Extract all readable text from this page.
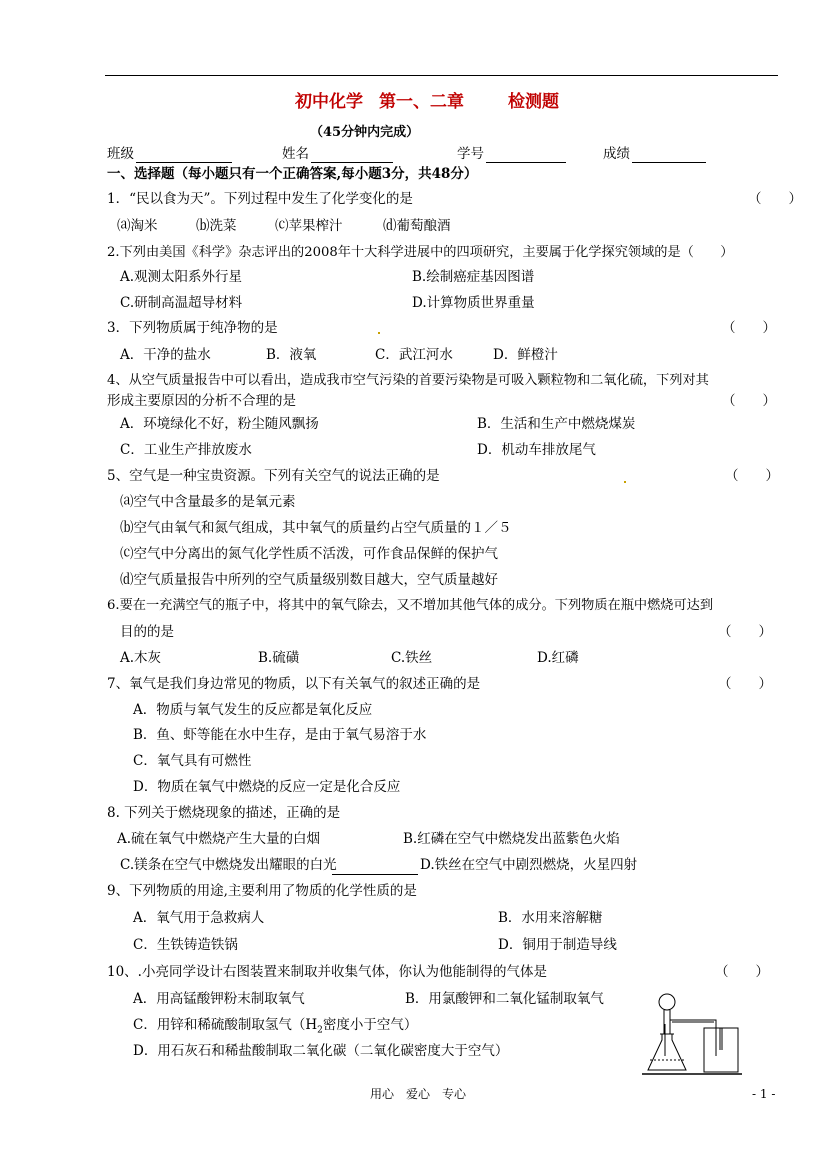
初中化学 第一、二章	检测题
（45分钟内完成）
班级	姓名	学号	成绩
一、选择题（每小题只有一个正确答案,每小题3分，共48分）
1．“民以食为天”。下列过程中发生了化学变化的是	（　　）
⒜淘米	⒝洗菜	⒞苹果榨汁	⒟葡萄酿酒
2.下列由美国《科学》杂志评出的2008年十大科学进展中的四项研究，主要属于化学探究领域的是（　　）
A.观测太阳系外行星	B.绘制癌症基因图谱
C.研制高温超导材料	D.计算物质世界重量
3．下列物质属于纯净物的是	（　　）
A．干净的盐水	B．液氧	C．武江河水	D．鲜橙汁
4、从空气质量报告中可以看出，造成我市空气污染的首要污染物是可吸入颗粒物和二氧化硫，下列对其
形成主要原因的分析不合理的是	（　　）
A．环境绿化不好，粉尘随风飘扬	B．生活和生产中燃烧煤炭
C．工业生产排放废水	D．机动车排放尾气
5、空气是一种宝贵资源。下列有关空气的说法正确的是	（　　）
⒜空气中含量最多的是氧元素
⒝空气由氧气和氮气组成，其中氧气的质量约占空气质量的１／５
⒞空气中分离出的氮气化学性质不活泼，可作食品保鲜的保护气
⒟空气质量报告中所列的空气质量级别数目越大，空气质量越好
6.要在一充满空气的瓶子中，将其中的氧气除去，又不增加其他气体的成分。下列物质在瓶中燃烧可达到
目的的是	（　　）
A.木灰	B.硫磺	C.铁丝	D.红磷
7、氧气是我们身边常见的物质，以下有关氧气的叙述正确的是	（　　）
A．物质与氧气发生的反应都是氧化反应
B．鱼、虾等能在水中生存，是由于氧气易溶于水
C．氧气具有可燃性
D．物质在氧气中燃烧的反应一定是化合反应
8. 下列关于燃烧现象的描述，正确的是
A.硫在氧气中燃烧产生大量的白烟	B.红磷在空气中燃烧发出蓝紫色火焰
C.镁条在空气中燃烧发出耀眼的白光	D.铁丝在空气中剧烈燃烧，火星四射
9、下列物质的用途,主要利用了物质的化学性质的是
A．氧气用于急救病人	B．水用来溶解糖
C．生铁铸造铁锅	D．铜用于制造导线
10、.小亮同学设计右图装置来制取并收集气体，你认为他能制得的气体是	（　　）
A．用高锰酸钾粉末制取氧气	B．用氯酸钾和二氧化锰制取氧气
C．用锌和稀硫酸制取氢气（$H_2$密度小于空气）
D．用石灰石和稀盐酸制取二氧化碳（二氧化碳密度大于空气）
用心　爱心　专心	- 1 -
